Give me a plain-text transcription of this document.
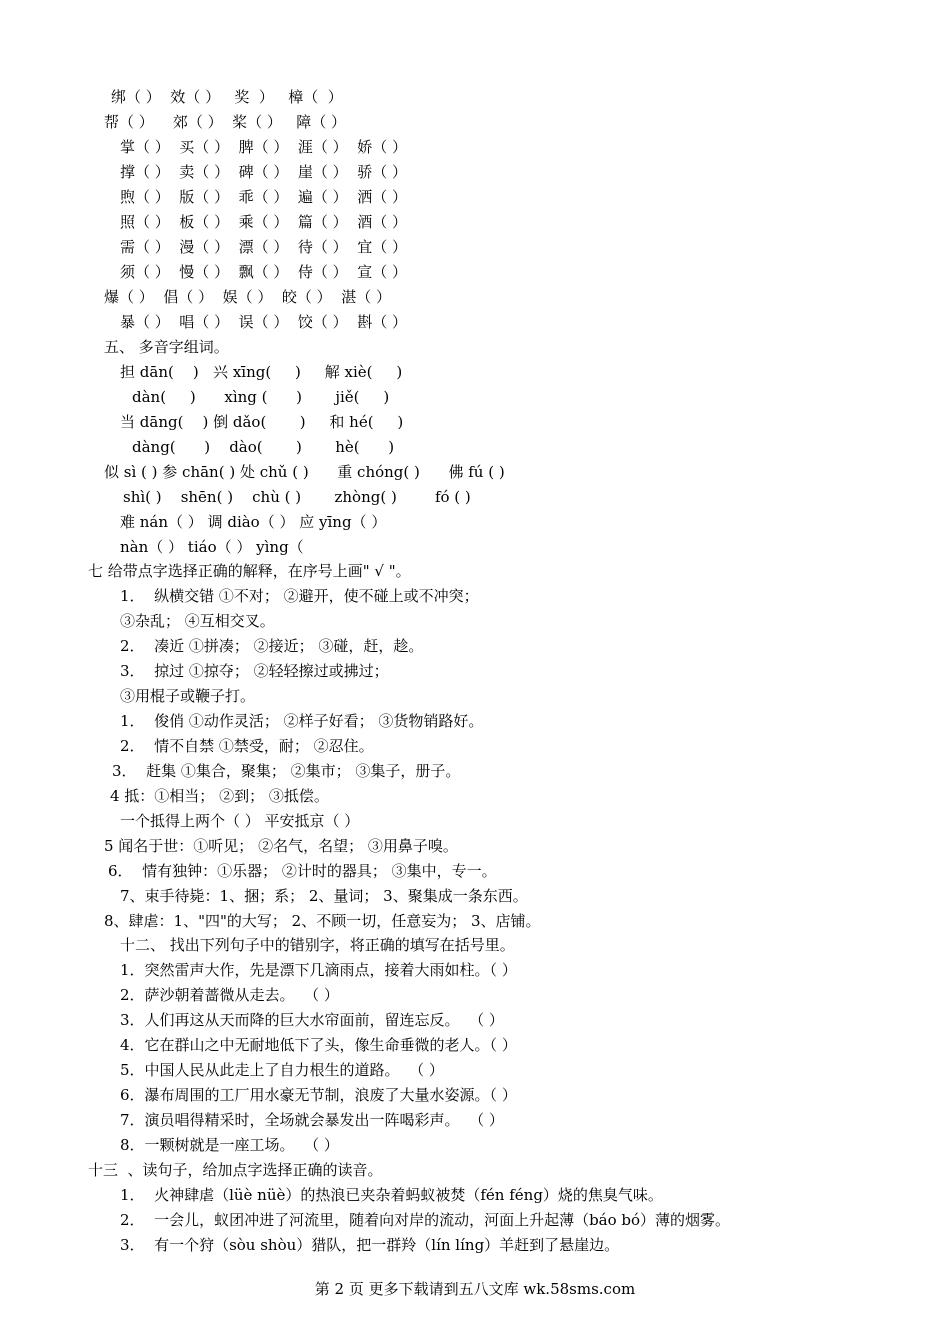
绑（ ）  效（ ）   奖  ）   樟（  ）
帮（ ）    郊（ ）  桨（ ）   障（ ）
掌（ ）  买（ ）  脾（ ）  涯（ ）  娇（ ）
撑（ ）  卖（ ）  碑（ ）  崖（ ）  骄（ ）
煦（ ）  版（ ）  乖（ ）  遍（ ）  洒（ ）
照（ ）  板（ ）  乘（ ）  篇（ ）  酒（ ）
需（ ）  漫（ ）  漂（ ）  待（ ）  宜（ ）
须（ ）  慢（ ）  飘（ ）  侍（ ）  宣（ ）
爆（ ）  倡（ ）  娱（ ）  皎（ ）  湛（ ）
暴（ ）  唱（ ）  误（ ）  饺（ ）  斟（ ）
五、 多音字组词。
担 dān(    )   兴 xīng(     )     解 xiè(     )
dàn(     )      xìng (      )       jiě(     )
当 dāng(    ) 倒 dǎo(       )     和 hé(     )
dàng(      )    dào(       )       hè(      )
似 sì ( ) 参 chān( ) 处 chǔ ( )      重 chóng( )      佛 fú ( )
shì( )    shēn( )    chù ( )       zhòng( )        fó ( )
难 nán（ ） 调 diào（ ） 应 yīng（ ）
nàn（ ） tiáo（ ） yìng（
七 给带点字选择正确的解释，在序号上画" √ "。
1．  纵横交错 ①不对； ②避开，使不碰上或不冲突；
③杂乱； ④互相交叉。
2．  凑近 ①拼凑； ②接近； ③碰，赶，趁。
3．  掠过 ①掠夺； ②轻轻擦过或拂过；
③用棍子或鞭子打。
1．  俊俏 ①动作灵活； ②样子好看； ③货物销路好。
2．  情不自禁 ①禁受，耐； ②忍住。
3．  赶集 ①集合，聚集； ②集市； ③集子，册子。
4 抵：①相当； ②到； ③抵偿。
一个抵得上两个（ ） 平安抵京（ ）
5 闻名于世：①听见； ②名气，名望； ③用鼻子嗅。
6．  情有独钟：①乐器； ②计时的器具； ③集中，专一。
7、束手待毙：1、捆；系； 2、量词； 3、聚集成一条东西。
8、肆虐：1、"四"的大写； 2、不顾一切，任意妄为； 3、店铺。
十二、 找出下列句子中的错别字，将正确的填写在括号里。
1．突然雷声大作，先是漂下几滴雨点，接着大雨如柱。（ ）
2．萨沙朝着蔷微从走去。  （ ）
3．人们再这从天而降的巨大水帘面前，留连忘反。  （ ）
4．它在群山之中无耐地低下了头，像生命垂微的老人。（ ）
5．中国人民从此走上了自力根生的道路。  （ ）
6．瀑布周围的工厂用水豪无节制，浪废了大量水姿源。（ ）
7．演员唱得精采时，全场就会暴发出一阵喝彩声。  （ ）
8．一颗树就是一座工场。  （ ）
十三  、读句子，给加点字选择正确的读音。
1．  火神肆虐（lüè nüè）的热浪已夹杂着蚂蚁被焚（fén féng）烧的焦臭气味。
2．  一会儿，蚁团冲进了河流里，随着向对岸的流动，河面上升起薄（báo bó）薄的烟雾。
3．  有一个狩（sòu shòu）猎队，把一群羚（lín líng）羊赶到了悬崖边。
第 2 页 更多下载请到五八文库 wk.58sms.com
